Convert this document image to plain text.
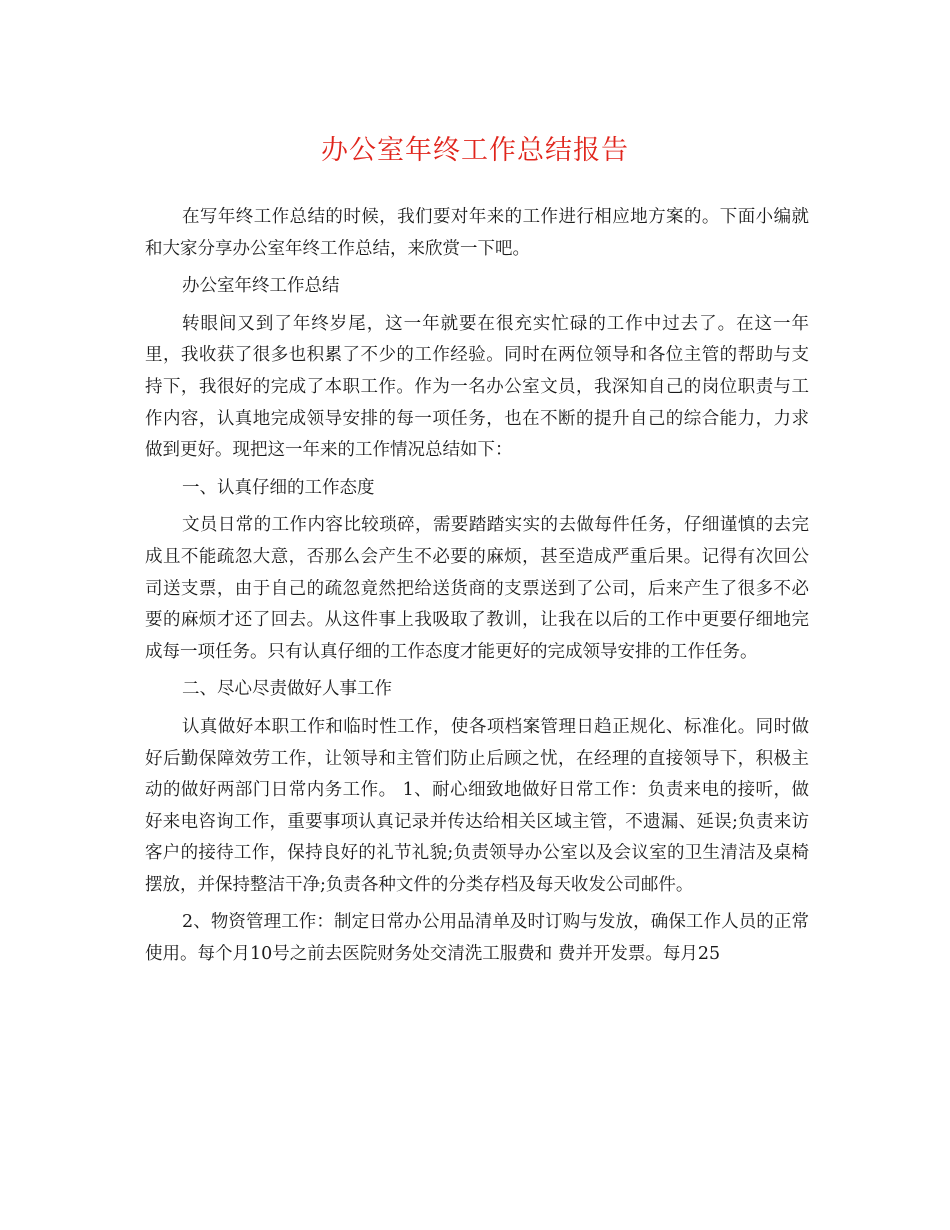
办公室年终工作总结报告

在写年终工作总结的时候，我们要对年来的工作进行相应地方案的。下面小编就和大家分享办公室年终工作总结，来欣赏一下吧。

办公室年终工作总结

转眼间又到了年终岁尾，这一年就要在很充实忙碌的工作中过去了。在这一年里，我收获了很多也积累了不少的工作经验。同时在两位领导和各位主管的帮助与支持下，我很好的完成了本职工作。作为一名办公室文员，我深知自己的岗位职责与工作内容，认真地完成领导安排的每一项任务，也在不断的提升自己的综合能力，力求做到更好。现把这一年来的工作情况总结如下：

一、认真仔细的工作态度

文员日常的工作内容比较琐碎，需要踏踏实实的去做每件任务，仔细谨慎的去完成且不能疏忽大意，否那么会产生不必要的麻烦，甚至造成严重后果。记得有次回公司送支票，由于自己的疏忽竟然把给送货商的支票送到了公司，后来产生了很多不必要的麻烦才还了回去。从这件事上我吸取了教训，让我在以后的工作中更要仔细地完成每一项任务。只有认真仔细的工作态度才能更好的完成领导安排的工作任务。

二、尽心尽责做好人事工作

认真做好本职工作和临时性工作，使各项档案管理日趋正规化、标准化。同时做好后勤保障效劳工作，让领导和主管们防止后顾之忧，在经理的直接领导下，积极主动的做好两部门日常内务工作。 1、耐心细致地做好日常工作：负责来电的接听，做好来电咨询工作，重要事项认真记录并传达给相关区域主管，不遗漏、延误;负责来访客户的接待工作，保持良好的礼节礼貌;负责领导办公室以及会议室的卫生清洁及桌椅摆放，并保持整洁干净;负责各种文件的分类存档及每天收发公司邮件。

2、物资管理工作：制定日常办公用品清单及时订购与发放，确保工作人员的正常使用。每个月10号之前去医院财务处交清洗工服费和 费并开发票。每月25
